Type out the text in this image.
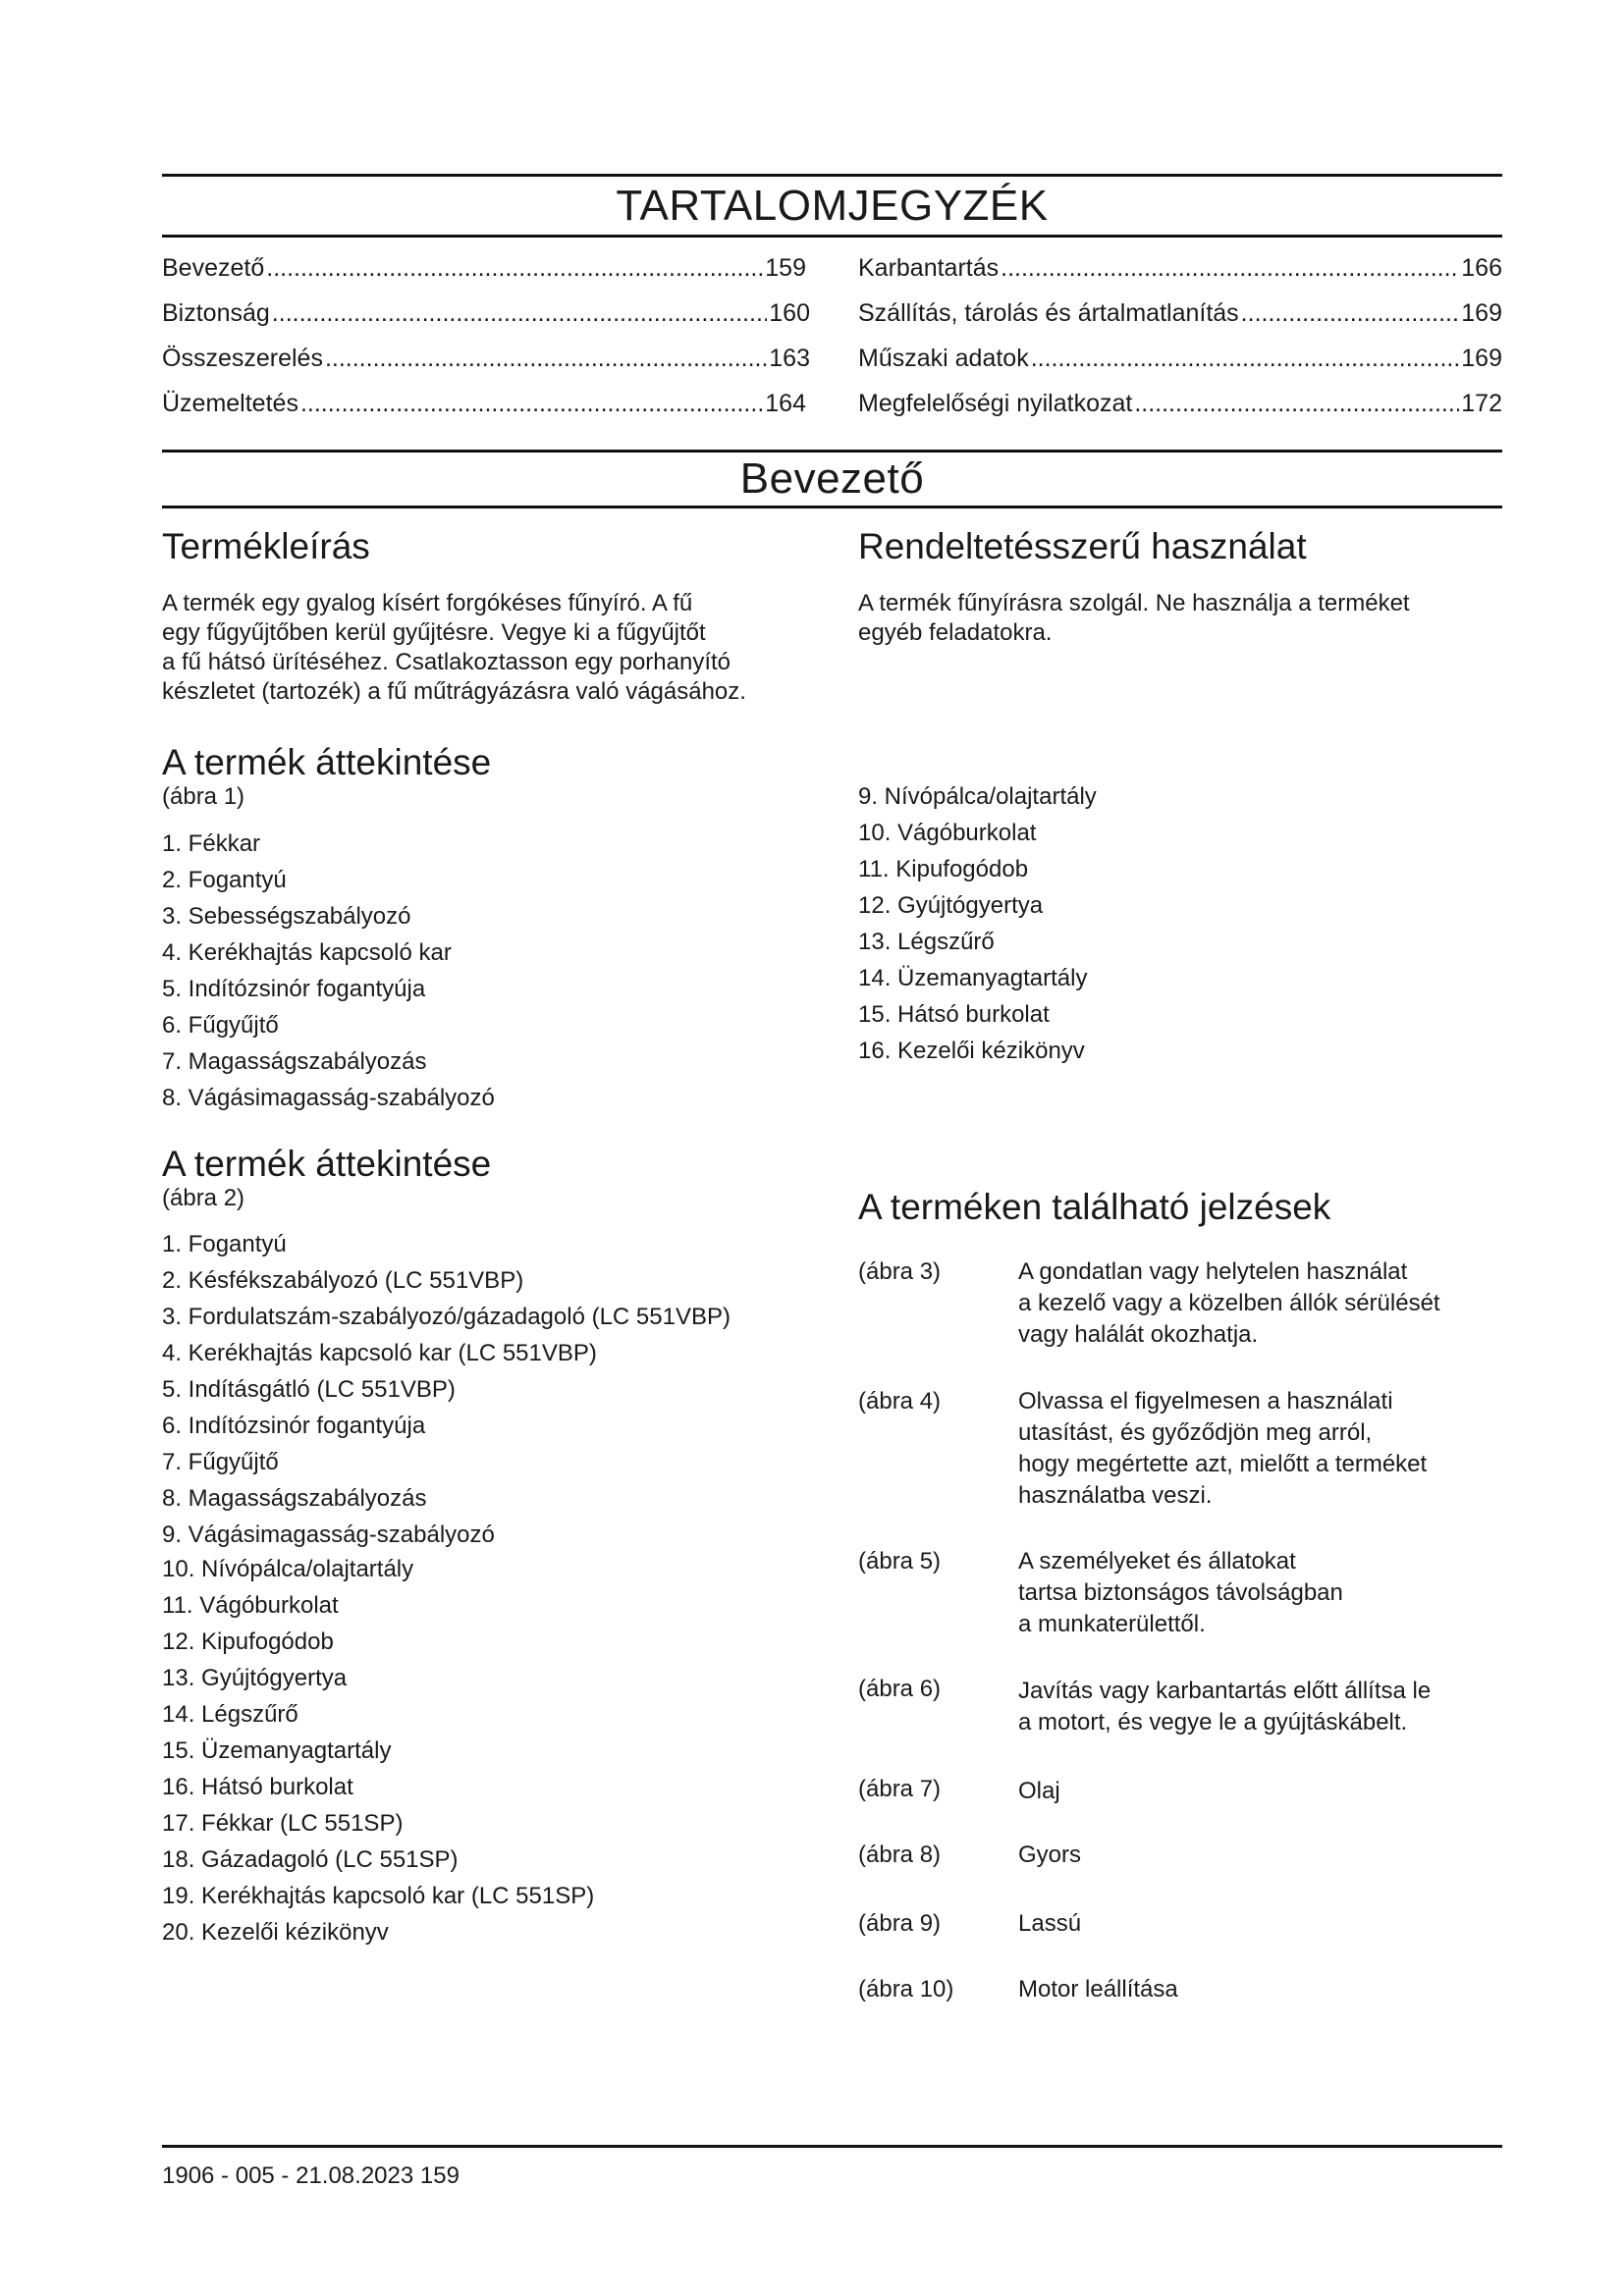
TARTALOMJEGYZÉK
Bevezető .....	159
Biztonság .....	160
Összeszerelés .....	163
Üzemeltetés .....	164
Karbantartás .....	166
Szállítás, tárolás és ártalmatlanítás .....	169
Műszaki adatok .....	169
Megfelelőségi nyilatkozat .....	172
Bevezető
Termékleírás
A termék egy gyalog kísért forgókéses fűnyíró. A fű
egy fűgyűjtőben kerül gyűjtésre. Vegye ki a fűgyűjtőt
a fű hátsó ürítéséhez. Csatlakoztasson egy porhanyító
készletet (tartozék) a fű műtrágyázásra való vágásához.
Rendeltetésszerű használat
A termék fűnyírásra szolgál. Ne használja a terméket
egyéb feladatokra.
A termék áttekintése
(ábra 1)
1. Fékkar
2. Fogantyú
3. Sebességszabályozó
4. Kerékhajtás kapcsoló kar
5. Indítózsinór fogantyúja
6. Fűgyűjtő
7. Magasságszabályozás
8. Vágásimagasság-szabályozó
9. Nívópálca/olajtartály
10. Vágóburkolat
11. Kipufogódob
12. Gyújtógyertya
13. Légszűrő
14. Üzemanyagtartály
15. Hátsó burkolat
16. Kezelői kézikönyv
A termék áttekintése
(ábra 2)
1. Fogantyú
2. Késfékszabályozó (LC 551VBP)
3. Fordulatszám-szabályozó/gázadagoló (LC 551VBP)
4. Kerékhajtás kapcsoló kar (LC 551VBP)
5. Indításgátló (LC 551VBP)
6. Indítózsinór fogantyúja
7. Fűgyűjtő
8. Magasságszabályozás
9. Vágásimagasság-szabályozó
10. Nívópálca/olajtartály
11. Vágóburkolat
12. Kipufogódob
13. Gyújtógyertya
14. Légszűrő
15. Üzemanyagtartály
16. Hátsó burkolat
17. Fékkar (LC 551SP)
18. Gázadagoló (LC 551SP)
19. Kerékhajtás kapcsoló kar (LC 551SP)
20. Kezelői kézikönyv
A terméken található jelzések
(ábra 3)	A gondatlan vagy helytelen használat
a kezelő vagy a közelben állók sérülését
vagy halálát okozhatja.
(ábra 4)	Olvassa el figyelmesen a használati
utasítást, és győződjön meg arról,
hogy megértette azt, mielőtt a terméket
használatba veszi.
(ábra 5)	A személyeket és állatokat
tartsa biztonságos távolságban
a munkaterülettől.
(ábra 6)	Javítás vagy karbantartás előtt állítsa le
a motort, és vegye le a gyújtáskábelt.
(ábra 7)	Olaj
(ábra 8)	Gyors
(ábra 9)	Lassú
(ábra 10)	Motor leállítása
1906 - 005 - 21.08.2023 159
